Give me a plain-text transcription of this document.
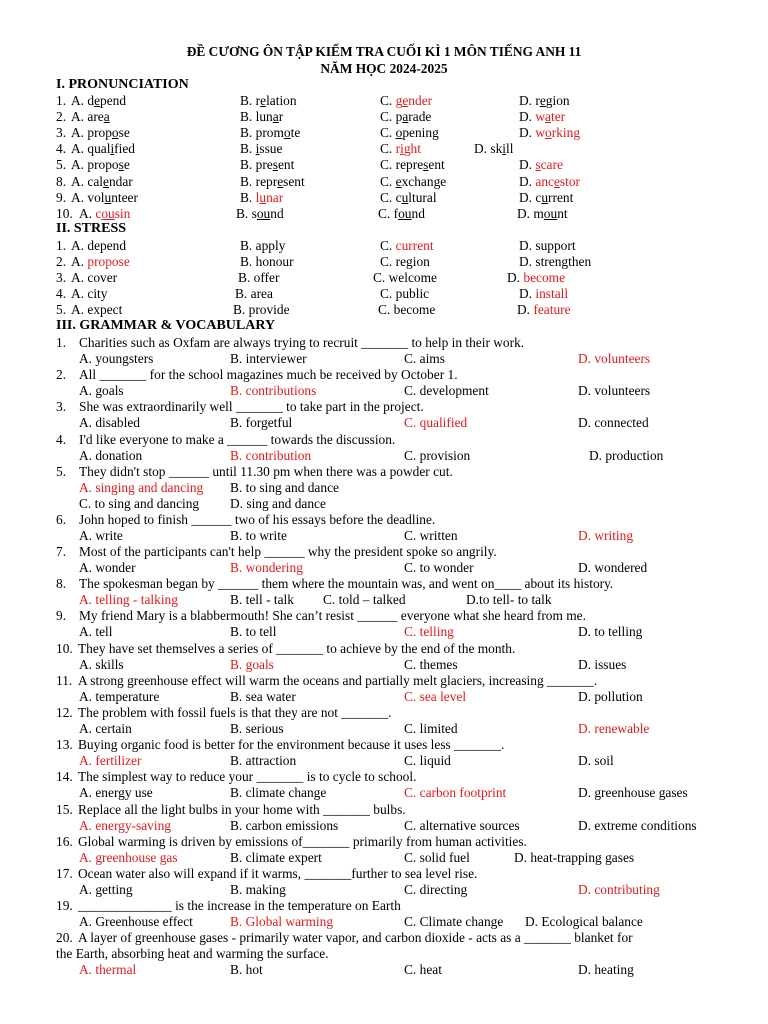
ĐỀ CƯƠNG ÔN TẬP KIỂM TRA CUỐI KÌ 1 MÔN TIẾNG ANH 11
NĂM HỌC 2024-2025
I. PRONUNCIATION
1. A. depend	B. relation	C. gender	D. region
2. A. area	B. lunar	C. parade	D. water
3. A. propose	B. promote	C. opening	D. working
4. A. qualified	B. issue	C. right	D. skill
5. A. propose	B. present	C. represent	D. scare
8. A. calendar	B. represent	C. exchange	D. ancestor
9. A. volunteer	B. lunar	C. cultural	D. current
10. A. cousin	B. sound	C. found	D. mount
II. STRESS
1. A. depend	B. apply	C. current	D. support
2. A. propose	B. honour	C. region	D. strengthen
3. A. cover	B. offer	C. welcome	D. become
4. A. city	B. area	C. public	D. install
5. A. expect	B. provide	C. become	D. feature
III. GRAMMAR & VOCABULARY
1. Charities such as Oxfam are always trying to recruit _______ to help in their work.
A. youngsters	B. interviewer	C. aims	D. volunteers
2. All _______ for the school magazines much be received by October 1.
A. goals	B. contributions	C. development	D. volunteers
3. She was extraordinarily well _______ to take part in the project.
A. disabled	B. forgetful	C. qualified	D. connected
4. I'd like everyone to make a ______ towards the discussion.
A. donation	B. contribution	C. provision	D. production
5. They didn't stop ______ until 11.30 pm when there was a powder cut.
A. singing and dancing B. to sing and dance
C. to sing and dancing D. sing and dance
6. John hoped to finish ______ two of his essays before the deadline.
A. write	B. to write	C. written	D. writing
7. Most of the participants can't help ______ why the president spoke so angrily.
A. wonder	B. wondering	C. to wonder	D. wondered
8. The spokesman began by ______ them where the mountain was, and went on____ about its history.
A. telling - talking	B. tell - talk C. told – talked	D.to tell- to talk
9. My friend Mary is a blabbermouth! She can’t resist ______ everyone what she heard from me.
A. tell	B. to tell	C. telling	D. to telling
10. They have set themselves a series of _______ to achieve by the end of the month.
A. skills	B. goals	C. themes	D. issues
11. A strong greenhouse effect will warm the oceans and partially melt glaciers, increasing _______.
A. temperature	B. sea water	C. sea level	D. pollution
12. The problem with fossil fuels is that they are not _______.
A. certain	B. serious	C. limited	D. renewable
13. Buying organic food is better for the environment because it uses less _______.
A. fertilizer	B. attraction	C. liquid	D. soil
14. The simplest way to reduce your _______ is to cycle to school.
A. energy use	B. climate change	C. carbon footprint	D. greenhouse gases
15. Replace all the light bulbs in your home with _______ bulbs.
A. energy-saving	B. carbon emissions	C. alternative sources	D. extreme conditions
16. Global warming is driven by emissions of_______ primarily from human activities.
A. greenhouse gas	B. climate expert	C. solid fuel	D. heat-trapping gases
17. Ocean water also will expand if it warms, _______further to sea level rise.
A. getting	B. making	C. directing	D. contributing
19. ______________ is the increase in the temperature on Earth
A. Greenhouse effect	B. Global warming	C. Climate change D. Ecological balance
20. A layer of greenhouse gases - primarily water vapor, and carbon dioxide - acts as a _______ blanket for
the Earth, absorbing heat and warming the surface.
A. thermal	B. hot	C. heat	D. heating
